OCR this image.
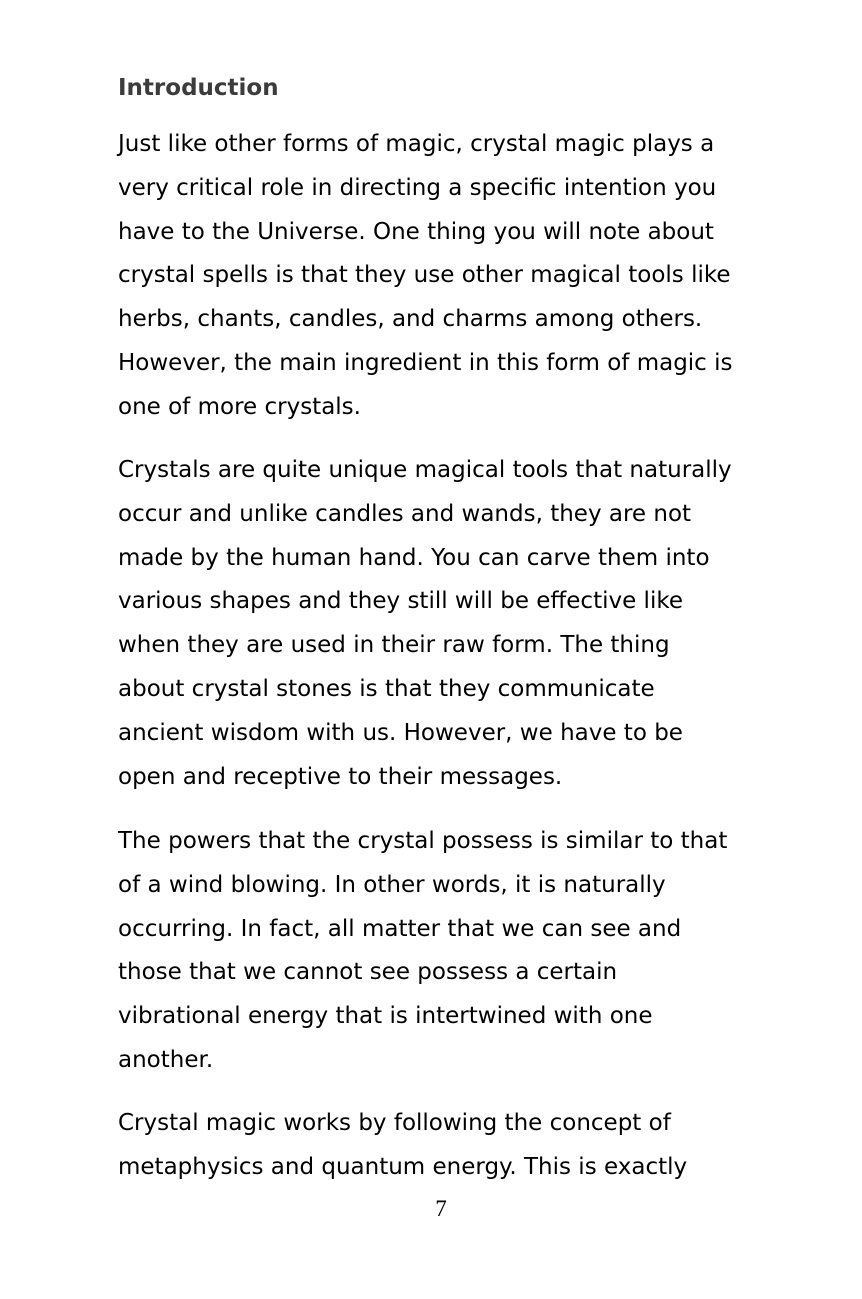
Introduction

Just like other forms of magic, crystal magic plays a
very critical role in directing a specific intention you
have to the Universe. One thing you will note about
crystal spells is that they use other magical tools like
herbs, chants, candles, and charms among others.
However, the main ingredient in this form of magic is
one of more crystals.

Crystals are quite unique magical tools that naturally
occur and unlike candles and wands, they are not
made by the human hand. You can carve them into
various shapes and they still will be effective like
when they are used in their raw form. The thing
about crystal stones is that they communicate
ancient wisdom with us. However, we have to be
open and receptive to their messages.

The powers that the crystal possess is similar to that
of a wind blowing. In other words, it is naturally
occurring. In fact, all matter that we can see and
those that we cannot see possess a certain
vibrational energy that is intertwined with one
another.

Crystal magic works by following the concept of
metaphysics and quantum energy. This is exactly

7
